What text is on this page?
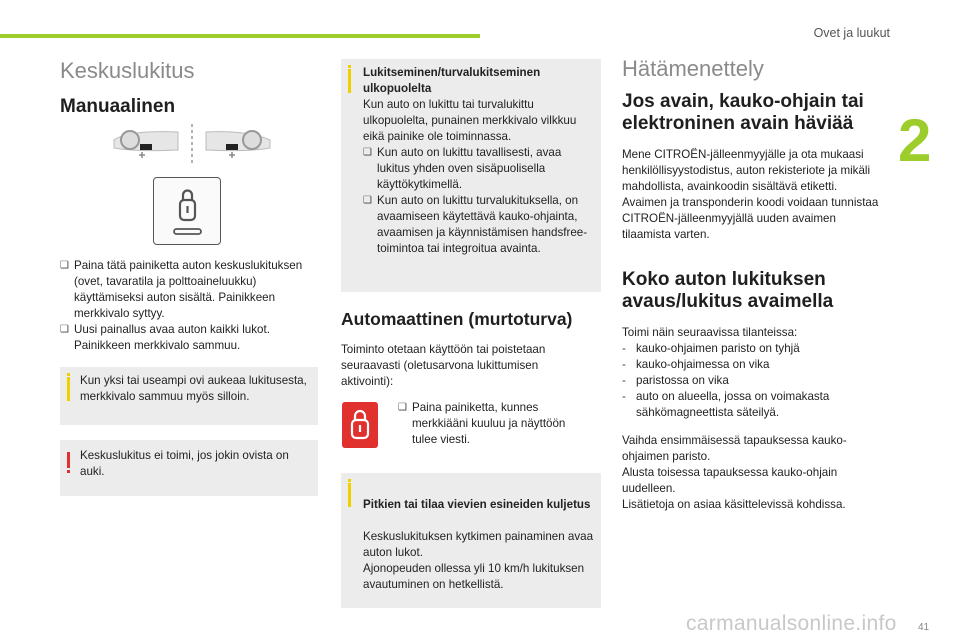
Ovet ja luukut
2
Keskuslukitus
Manuaalinen
❑ Paina tätä painiketta auton keskuslukituksen (ovet, tavaratila ja polttoaineluukku) käyttämiseksi auton sisältä. Painikkeen merkkivalo syttyy.
❑ Uusi painallus avaa auton kaikki lukot. Painikkeen merkkivalo sammuu.
Kun yksi tai useampi ovi aukeaa lukitusesta, merkkivalo sammuu myös silloin.
Keskuslukitus ei toimi, jos jokin ovista on auki.
Lukitseminen/turvalukitseminen ulkopuolelta
Kun auto on lukittu tai turvalukittu ulkopuolelta, punainen merkkivalo vilkkuu eikä painike ole toiminnassa.
❑ Kun auto on lukittu tavallisesti, avaa lukitus yhden oven sisäpuolisella käyttökytkimellä.
❑ Kun auto on lukittu turvalukituksella, on avaamiseen käytettävä kauko-ohjainta, avaamisen ja käynnistämisen handsfree-toimintoa tai integroitua avainta.
Automaattinen (murtoturva)
Toiminto otetaan käyttöön tai poistetaan seuraavasti (oletusarvona lukittumisen aktivointi):
❑ Paina painiketta, kunnes merkkiääni kuuluu ja näyttöön tulee viesti.

Pitkien tai tilaa vievien esineiden kuljetus

Keskuslukituksen kytkimen painaminen avaa auton lukot.
Ajonopeuden ollessa yli 10 km/h lukituksen avautuminen on hetkellistä.

Hätämenettely
Jos avain, kauko-ohjain tai elektroninen avain häviää
Mene CITROËN-jälleenmyyjälle ja ota mukaasi henkilöllisyystodistus, auton rekisteriote ja mikäli mahdollista, avainkoodin sisältävä etiketti.
Avaimen ja transponderin koodi voidaan tunnistaa CITROËN-jälleenmyyjällä uuden avaimen tilaamista varten.
Koko auton lukituksen avaus/lukitus avaimella
Toimi näin seuraavissa tilanteissa:
- kauko-ohjaimen paristo on tyhjä
- kauko-ohjaimessa on vika
- paristossa on vika
- auto on alueella, jossa on voimakasta sähkömagneettista säteilyä.
Vaihda ensimmäisessä tapauksessa kauko-ohjaimen paristo.
Alusta toisessa tapauksessa kauko-ohjain uudelleen.
Lisätietoja on asiaa käsittelevissä kohdissa.
carmanualsonline.info 41
